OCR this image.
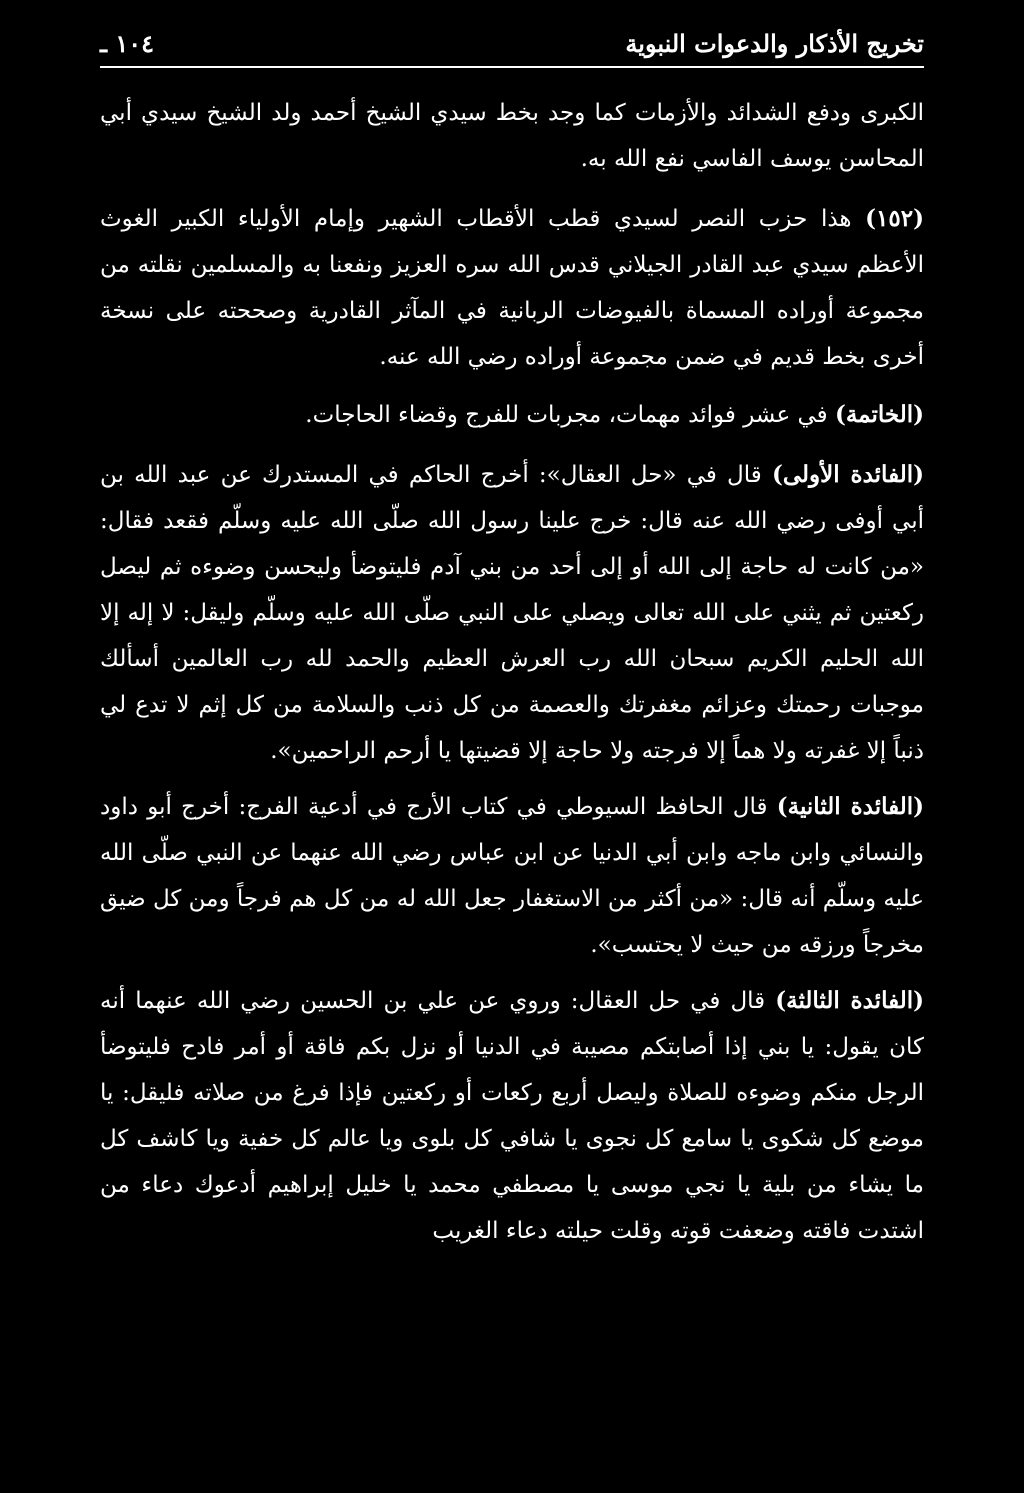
تخريج الأذكار والدعوات النبوية
١٠٤ ـ

الكبرى ودفع الشدائد والأزمات كما وجد بخط سيدي الشيخ أحمد ولد الشيخ سيدي أبي المحاسن يوسف الفاسي نفع الله به.

(١٥٢) هذا حزب النصر لسيدي قطب الأقطاب الشهير وإمام الأولياء الكبير الغوث الأعظم سيدي عبد القادر الجيلاني قدس الله سره العزيز ونفعنا به والمسلمين نقلته من مجموعة أوراده المسماة بالفيوضات الربانية في المآثر القادرية وصححته على نسخة أخرى بخط قديم في ضمن مجموعة أوراده رضي الله عنه.

(الخاتمة) في عشر فوائد مهمات، مجربات للفرج وقضاء الحاجات.

(الفائدة الأولى) قال في «حل العقال»: أخرج الحاكم في المستدرك عن عبد الله بن أبي أوفى رضي الله عنه قال: خرج علينا رسول الله صلّى الله عليه وسلّم فقعد فقال: «من كانت له حاجة إلى الله أو إلى أحد من بني آدم فليتوضأ وليحسن وضوءه ثم ليصل ركعتين ثم يثني على الله تعالى ويصلي على النبي صلّى الله عليه وسلّم وليقل: لا إله إلا الله الحليم الكريم سبحان الله رب العرش العظيم والحمد لله رب العالمين أسألك موجبات رحمتك وعزائم مغفرتك والعصمة من كل ذنب والسلامة من كل إثم لا تدع لي ذنباً إلا غفرته ولا هماً إلا فرجته ولا حاجة إلا قضيتها يا أرحم الراحمين».

(الفائدة الثانية) قال الحافظ السيوطي في كتاب الأرج في أدعية الفرج: أخرج أبو داود والنسائي وابن ماجه وابن أبي الدنيا عن ابن عباس رضي الله عنهما عن النبي صلّى الله عليه وسلّم أنه قال: «من أكثر من الاستغفار جعل الله له من كل هم فرجاً ومن كل ضيق مخرجاً ورزقه من حيث لا يحتسب».

(الفائدة الثالثة) قال في حل العقال: وروي عن علي بن الحسين رضي الله عنهما أنه كان يقول: يا بني إذا أصابتكم مصيبة في الدنيا أو نزل بكم فاقة أو أمر فادح فليتوضأ الرجل منكم وضوءه للصلاة وليصل أربع ركعات أو ركعتين فإذا فرغ من صلاته فليقل: يا موضع كل شكوى يا سامع كل نجوى يا شافي كل بلوى ويا عالم كل خفية ويا كاشف كل ما يشاء من بلية يا نجي موسى يا مصطفي محمد يا خليل إبراهيم أدعوك دعاء من اشتدت فاقته وضعفت قوته وقلت حيلته دعاء الغريب
